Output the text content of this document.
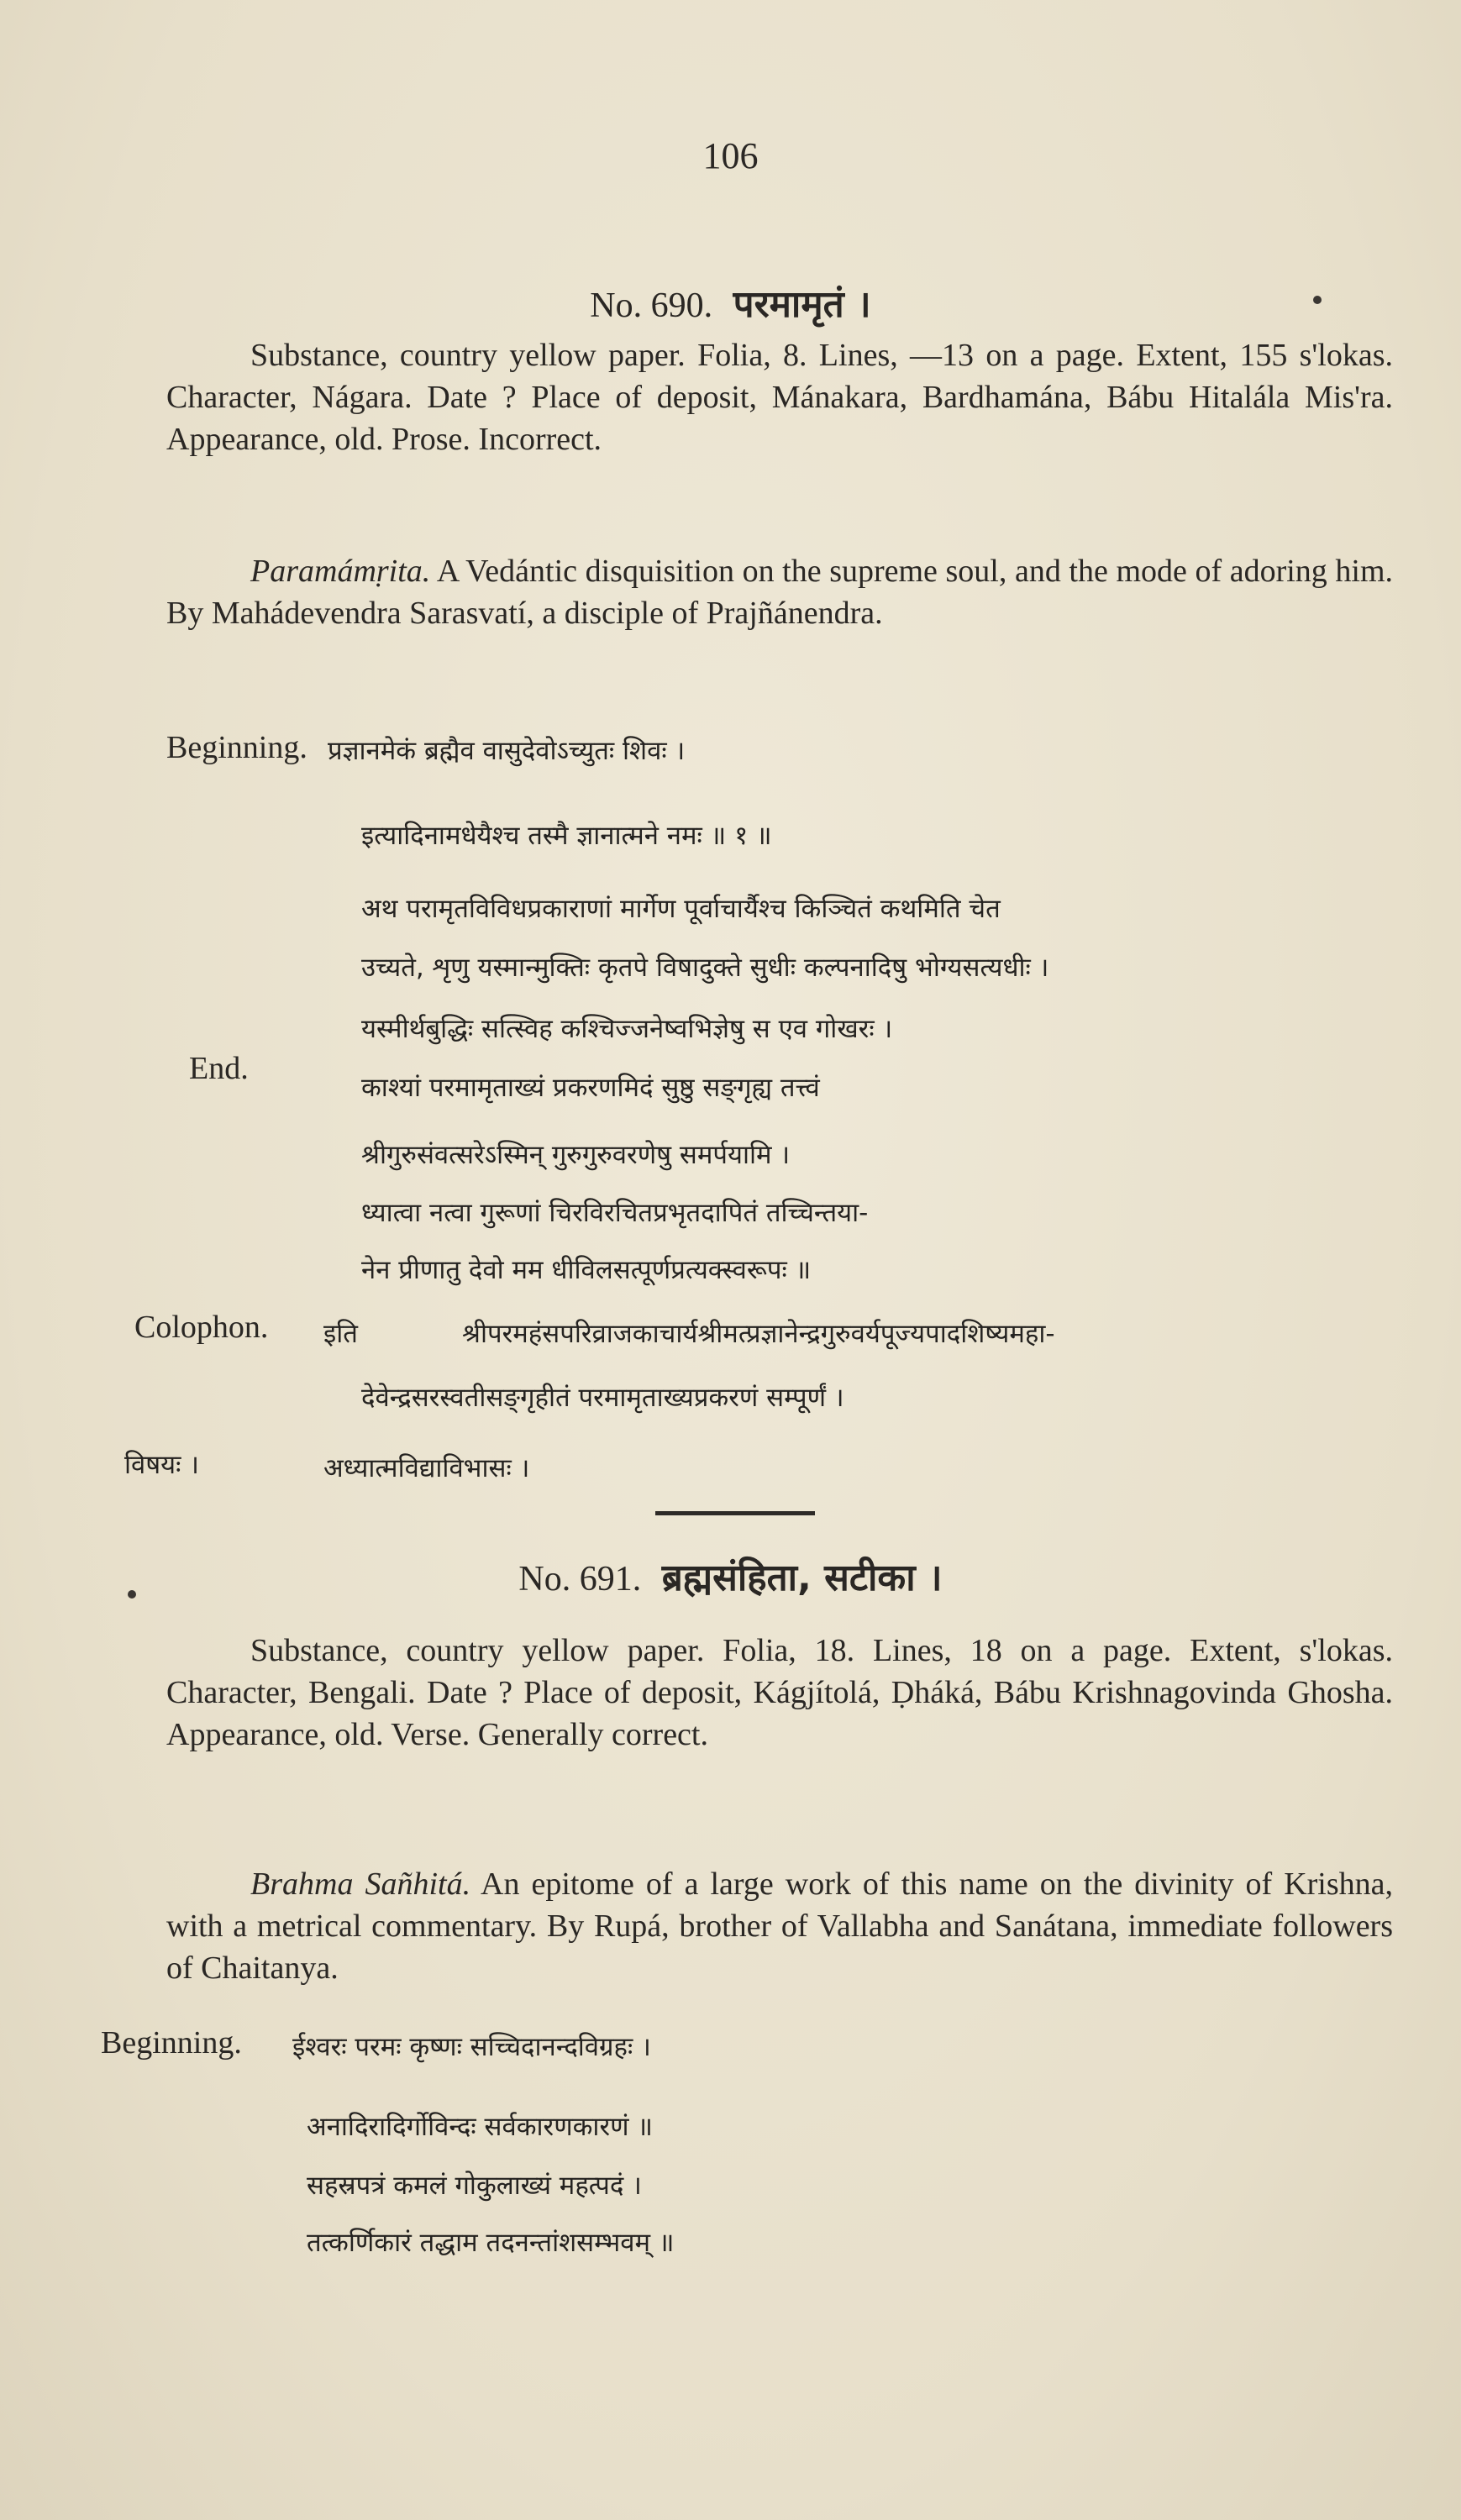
106
No. 690. परमामृतं ।
Substance, country yellow paper. Folia, 8. Lines, —13 on a page. Extent, 155 s'lokas. Character, Nágara. Date ? Place of deposit, Mánakara, Bardhamána, Bábu Hitalála Mis'ra. Appearance, old. Prose. Incorrect.
Paramámṛita. A Vedántic disquisition on the supreme soul, and the mode of adoring him. By Mahádevendra Sarasvatí, a disciple of Prajñánendra.
Beginning. प्रज्ञानमेकं ब्रह्मैव वासुदेवोऽच्युतः शिवः ।
इत्यादिनामधेयैश्च तस्मै ज्ञानात्मने नमः ॥ १ ॥
अथ परामृतविविधप्रकाराणां मार्गेण पूर्वाचार्यैश्च किञ्चितं कथमिति चेत
उच्यते, शृणु यस्मान्मुक्तिः कृतपे विषादुक्ते सुधीः कल्पनादिषु भोग्यसत्यधीः ।
यस्मीर्थबुद्धिः सत्स्विह कश्चिज्जनेष्वभिज्ञेषु स एव गोखरः ।
End.
काश्यां परमामृताख्यं प्रकरणमिदं सुष्ठु सङ्गृह्य तत्त्वं
श्रीगुरुसंवत्सरेऽस्मिन् गुरुगुरुवरणेषु समर्पयामि ।
ध्यात्वा नत्वा गुरूणां चिरविरचितप्रभृतदापितं तच्चिन्तया-
नेन प्रीणातु देवो मम धीविलसत्पूर्णप्रत्यक्स्वरूपः ॥
Colophon. इति	श्रीपरमहंसपरिव्राजकाचार्यश्रीमत्प्रज्ञानेन्द्रगुरुवर्यपूज्यपादशिष्यमहा-
देवेन्द्रसरस्वतीसङ्गृहीतं परमामृताख्यप्रकरणं सम्पूर्णं ।
विषयः ।	अध्यात्मविद्याविभासः ।
No. 691. ब्रह्मसंहिता, सटीका ।
Substance, country yellow paper. Folia, 18. Lines, 18 on a page. Extent, s'lokas. Character, Bengali. Date ? Place of deposit, Kágjítolá, Ḍháká, Bábu Krishnagovinda Ghosha. Appearance, old. Verse. Generally correct.
Brahma Sañhitá. An epitome of a large work of this name on the divinity of Krishna, with a metrical commentary. By Rupá, brother of Vallabha and Sanátana, immediate followers of Chaitanya.
Beginning. ईश्वरः परमः कृष्णः सच्चिदानन्दविग्रहः ।
अनादिरादिर्गोविन्दः सर्वकारणकारणं ॥
सहस्रपत्रं कमलं गोकुलाख्यं महत्पदं ।
तत्कर्णिकारं तद्धाम तदनन्तांशसम्भवम् ॥
